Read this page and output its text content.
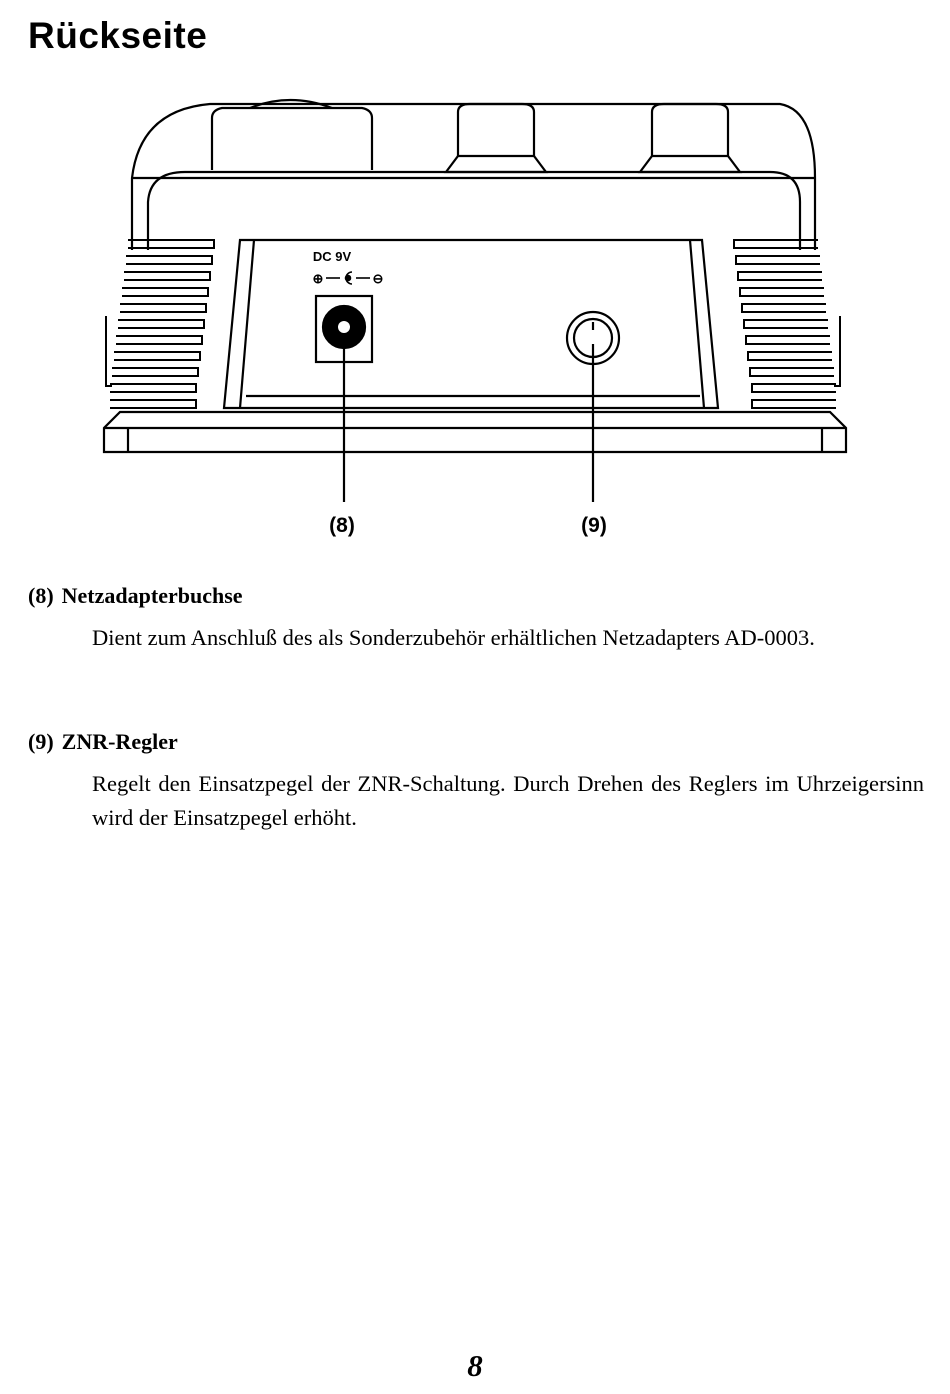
Rückseite
DC 9V
⊕	⊖
(8)	(9)
(8) Netzadapterbuchse

Dient zum Anschluß des als Sonderzubehör erhältlichen Netzadapters AD-0003.

(9) ZNR-Regler

Regelt den Einsatzpegel der ZNR-Schaltung. Durch Drehen des Reglers im Uhrzeigersinn wird der Einsatzpegel erhöht.

8
